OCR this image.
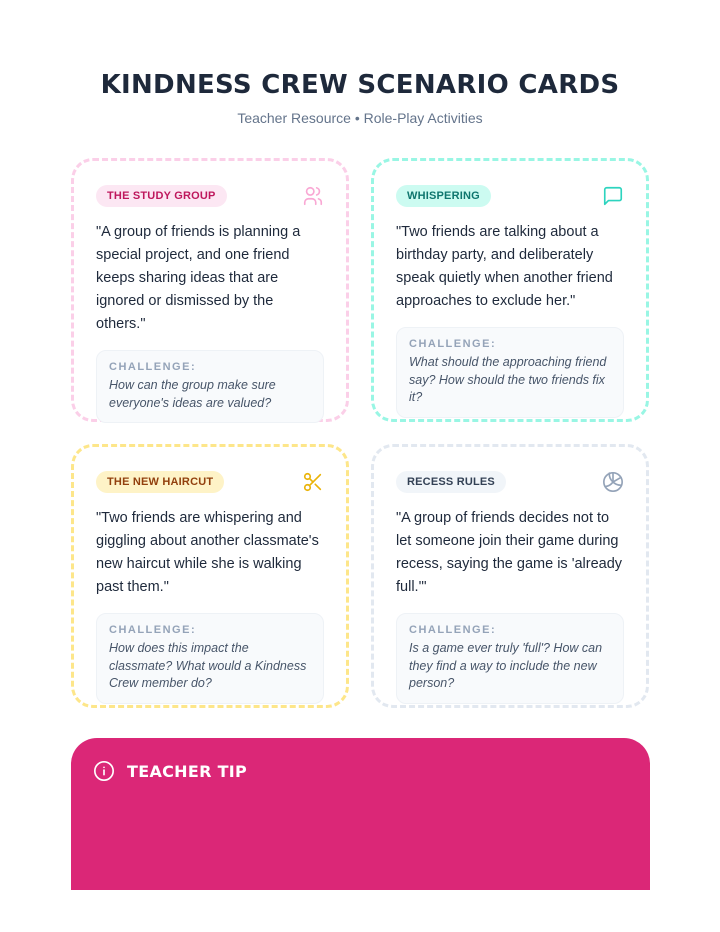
KINDNESS CREW SCENARIO CARDS

Teacher Resource • Role-Play Activities

THE STUDY GROUP

"A group of friends is planning a special project, and one friend keeps sharing ideas that are ignored or dismissed by the others."

CHALLENGE:
How can the group make sure everyone's ideas are valued?
WHISPERING

"Two friends are talking about a birthday party, and deliberately speak quietly when another friend approaches to exclude her."

CHALLENGE:
What should the approaching friend say? How should the two friends fix it?
THE NEW HAIRCUT

"Two friends are whispering and giggling about another classmate's new haircut while she is walking past them."

CHALLENGE:
How does this impact the classmate? What would a Kindness Crew member do?
RECESS RULES

"A group of friends decides not to let someone join their game during recess, saying the game is 'already full.'"

CHALLENGE:
Is a game ever truly 'full'? How can they find a way to include the new person?
TEACHER TIP
